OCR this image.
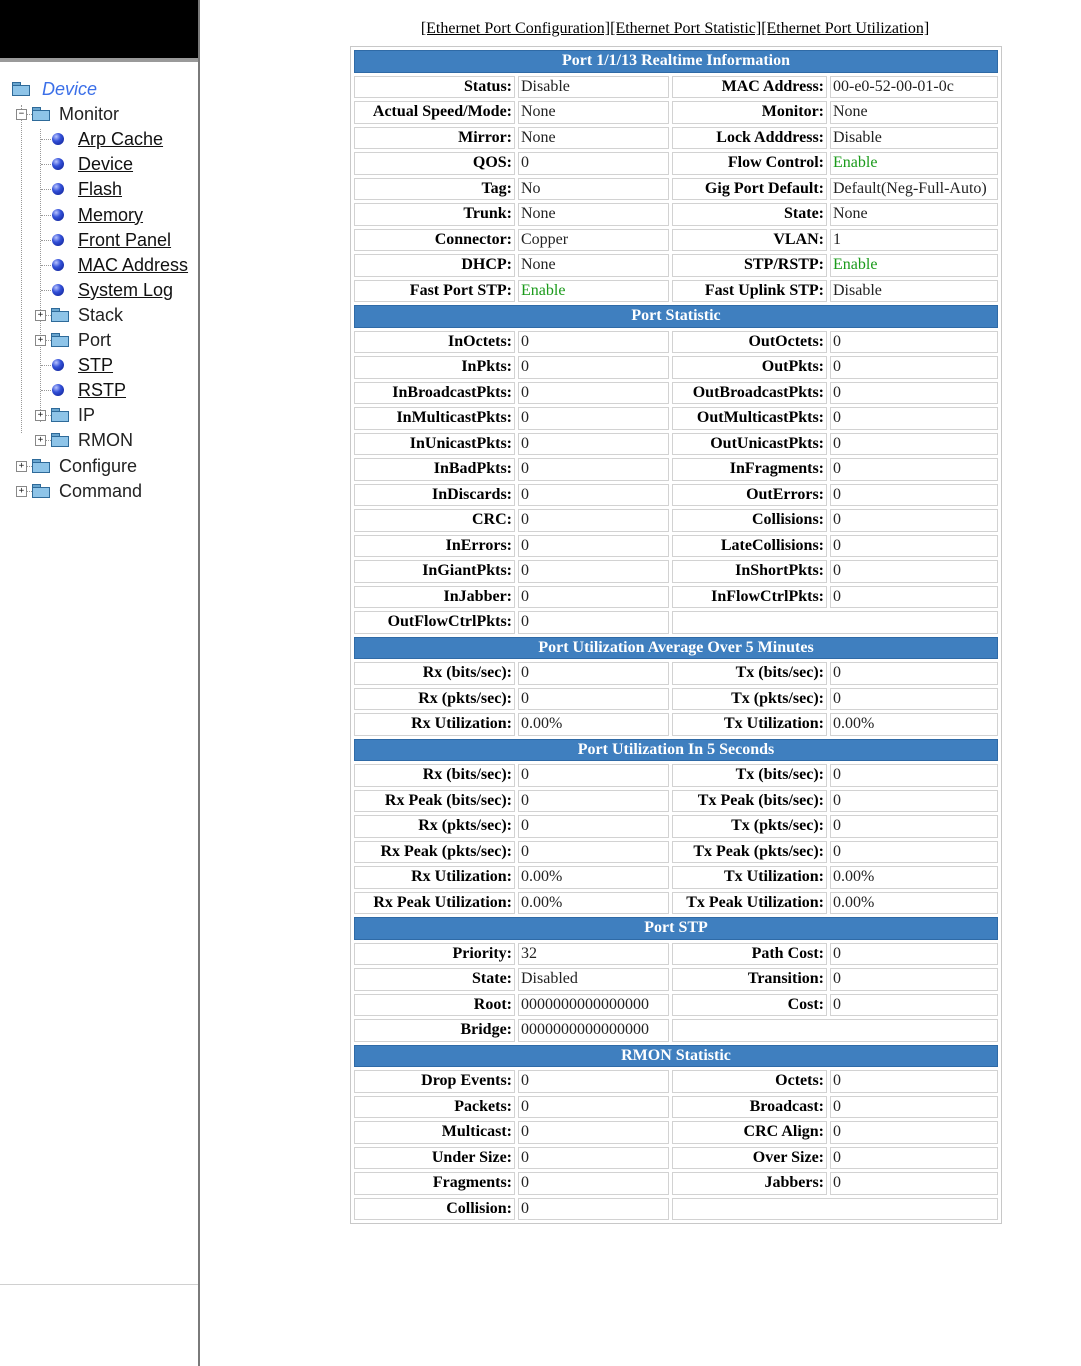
Device
− Monitor
Arp Cache
Device
Flash
Memory
Front Panel
MAC Address
System Log
+ Stack
+ Port
STP
RSTP
+ IP
+ RMON
+ Configure
+ Command
[Ethernet Port Configuration][Ethernet Port Statistic][Ethernet Port Utilization]
Port 1/1/13 Realtime Information			
Status:	Disable	MAC Address:	00-e0-52-00-01-0c
Actual Speed/Mode:	None	Monitor:	None
Mirror:	None	Lock Adddress:	Disable
QOS:	0	Flow Control:	Enable
Tag:	No	Gig Port Default:	Default(Neg-Full-Auto)
Trunk:	None	State:	None
Connector:	Copper	VLAN:	1
DHCP:	None	STP/RSTP:	Enable
Fast Port STP:	Enable	Fast Uplink STP:	Disable
Port Statistic			
InOctets:	0	OutOctets:	0
InPkts:	0	OutPkts:	0
InBroadcastPkts:	0	OutBroadcastPkts:	0
InMulticastPkts:	0	OutMulticastPkts:	0
InUnicastPkts:	0	OutUnicastPkts:	0
InBadPkts:	0	InFragments:	0
InDiscards:	0	OutErrors:	0
CRC:	0	Collisions:	0
InErrors:	0	LateCollisions:	0
InGiantPkts:	0	InShortPkts:	0
InJabber:	0	InFlowCtrlPkts:	0
OutFlowCtrlPkts:	0		
Port Utilization Average Over 5 Minutes			
Rx (bits/sec):	0	Tx (bits/sec):	0
Rx (pkts/sec):	0	Tx (pkts/sec):	0
Rx Utilization:	0.00%	Tx Utilization:	0.00%
Port Utilization In 5 Seconds			
Rx (bits/sec):	0	Tx (bits/sec):	0
Rx Peak (bits/sec):	0	Tx Peak (bits/sec):	0
Rx (pkts/sec):	0	Tx (pkts/sec):	0
Rx Peak (pkts/sec):	0	Tx Peak (pkts/sec):	0
Rx Utilization:	0.00%	Tx Utilization:	0.00%
Rx Peak Utilization:	0.00%	Tx Peak Utilization:	0.00%
Port STP			
Priority:	32	Path Cost:	0
State:	Disabled	Transition:	0
Root:	0000000000000000	Cost:	0
Bridge:	0000000000000000		
RMON Statistic			
Drop Events:	0	Octets:	0
Packets:	0	Broadcast:	0
Multicast:	0	CRC Align:	0
Under Size:	0	Over Size:	0
Fragments:	0	Jabbers:	0
Collision:	0		
